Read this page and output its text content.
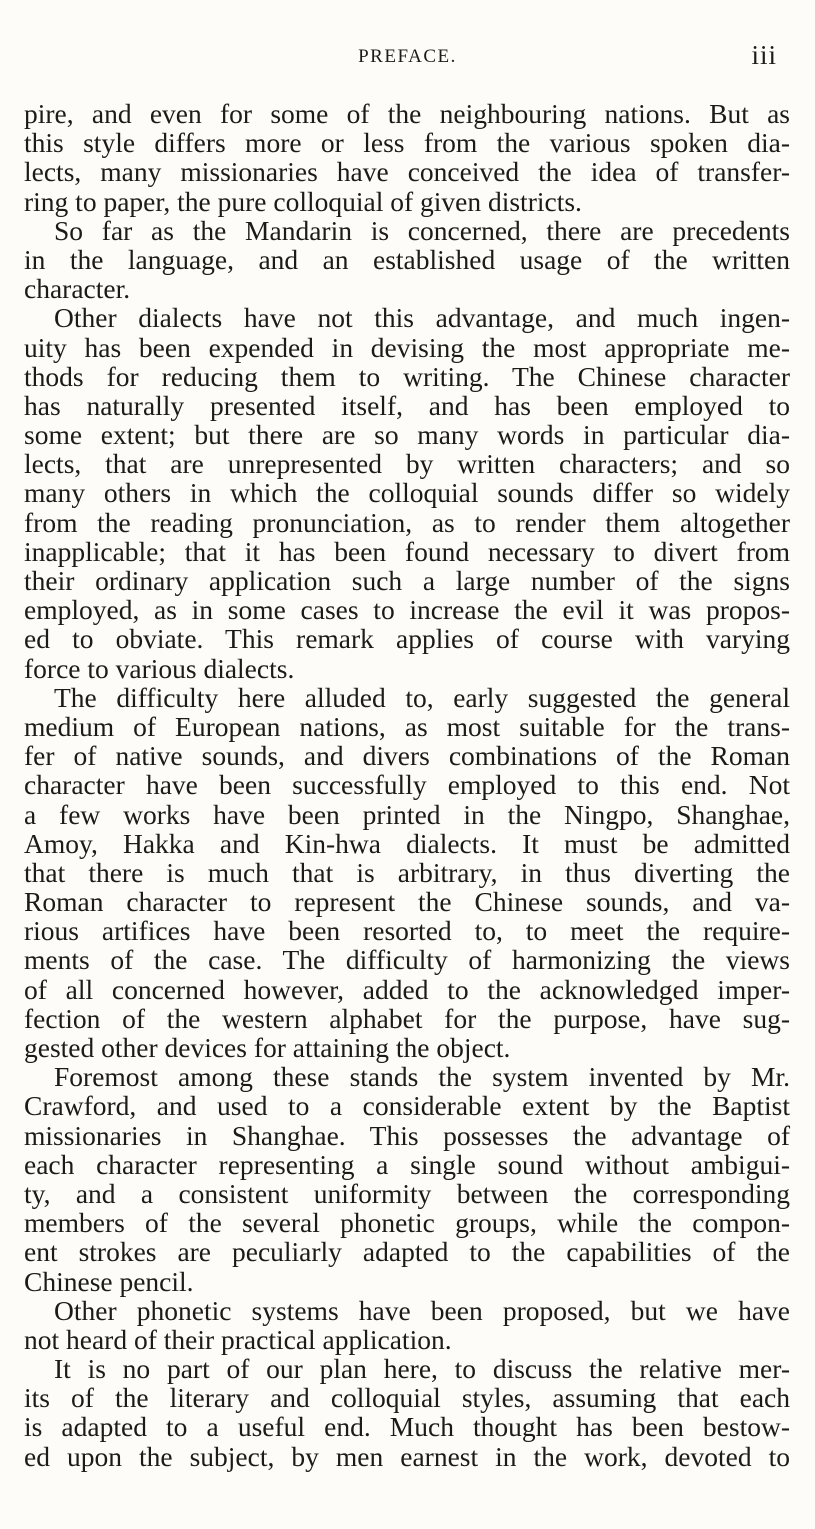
PREFACE.	iii
pire, and even for some of the neighbouring nations. But as
this style differs more or less from the various spoken dia-
lects, many missionaries have conceived the idea of transfer-
ring to paper, the pure colloquial of given districts.
So far as the Mandarin is concerned, there are precedents
in the language, and an established usage of the written
character.
Other dialects have not this advantage, and much ingen-
uity has been expended in devising the most appropriate me-
thods for reducing them to writing. The Chinese character
has naturally presented itself, and has been employed to
some extent; but there are so many words in particular dia-
lects, that are unrepresented by written characters; and so
many others in which the colloquial sounds differ so widely
from the reading pronunciation, as to render them altogether
inapplicable; that it has been found necessary to divert from
their ordinary application such a large number of the signs
employed, as in some cases to increase the evil it was propos-
ed to obviate. This remark applies of course with varying
force to various dialects.
The difficulty here alluded to, early suggested the general
medium of European nations, as most suitable for the trans-
fer of native sounds, and divers combinations of the Roman
character have been successfully employed to this end. Not
a few works have been printed in the Ningpo, Shanghae,
Amoy, Hakka and Kin-hwa dialects. It must be admitted
that there is much that is arbitrary, in thus diverting the
Roman character to represent the Chinese sounds, and va-
rious artifices have been resorted to, to meet the require-
ments of the case. The difficulty of harmonizing the views
of all concerned however, added to the acknowledged imper-
fection of the western alphabet for the purpose, have sug-
gested other devices for attaining the object.
Foremost among these stands the system invented by Mr.
Crawford, and used to a considerable extent by the Baptist
missionaries in Shanghae. This possesses the advantage of
each character representing a single sound without ambigui-
ty, and a consistent uniformity between the corresponding
members of the several phonetic groups, while the compon-
ent strokes are peculiarly adapted to the capabilities of the
Chinese pencil.
Other phonetic systems have been proposed, but we have
not heard of their practical application.
It is no part of our plan here, to discuss the relative mer-
its of the literary and colloquial styles, assuming that each
is adapted to a useful end. Much thought has been bestow-
ed upon the subject, by men earnest in the work, devoted to
